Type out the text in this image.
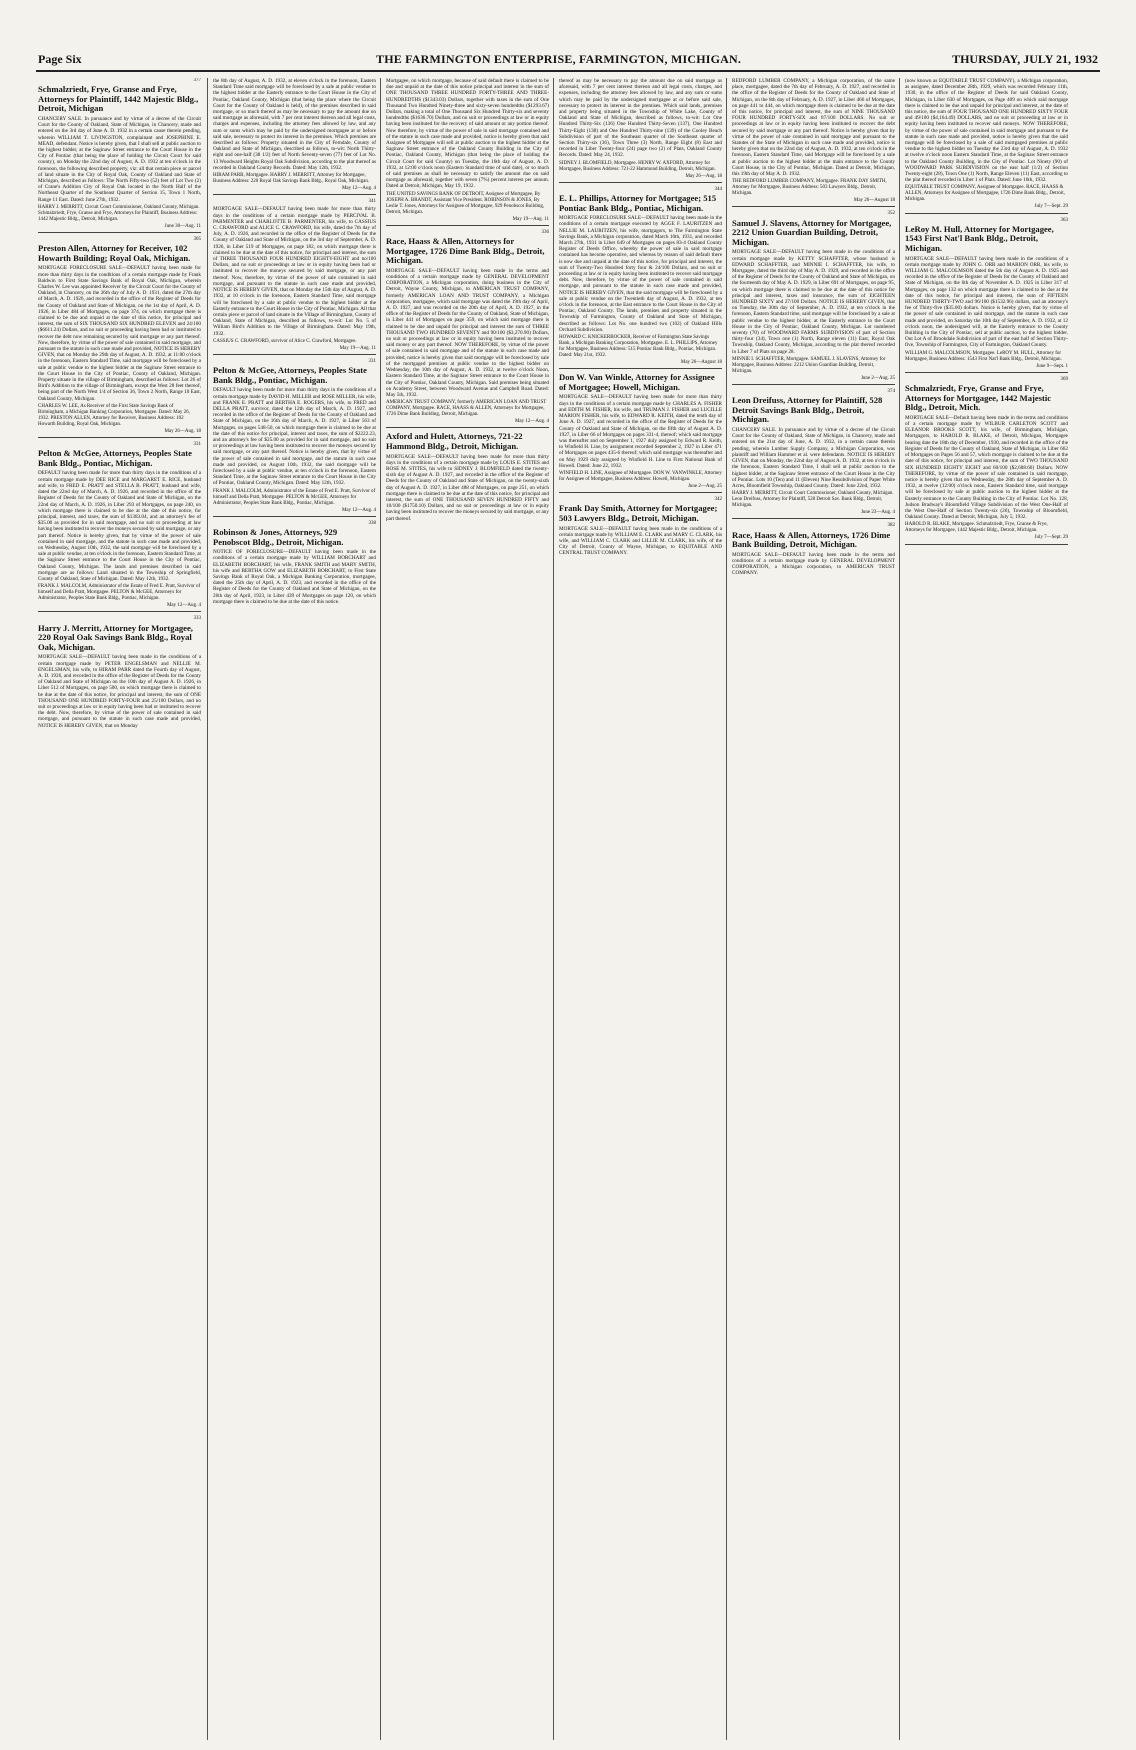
Page Six	THE FARMINGTON ENTERPRISE, FARMINGTON, MICHIGAN.	THURSDAY, JULY 21, 1932
377
Schmalzriedt, Frye, Granse and Frye, Attorneys for Plaintiff, 1442 Majestic Bldg., Detroit, Michigan
CHANCERY SALE. In pursuance and by virtue of a decree of the Circuit Court for the County of Oakland, State of Michigan, in Chancery, made and entered on the 3rd day of June A. D. 1932 in a certain cause therein pending, wherein WILLIAM T. LIVINGSTON, complainant and JOSEPHINE E. MEAD, defendant. Notice is hereby given, that I shall sell at public auction to the highest bidder, at the Saginaw Street entrance to the Court House in the City of Pontiac (that being the place of holding the Circuit Court for said county), on Monday the 22nd day of August, A. D. 1932 at ten o'clock in the forenoon, the following described property, viz: all that certain piece or parcel of land situate in the City of Royal Oak, County of Oakland and State of Michigan, described as follows: The North Fifty-two (52) feet of Lot Two (2) of Crane's Addition City of Royal Oak located in the North Half of the Northeast Quarter of the Southeast Quarter of Section 15, Town 1 North, Range 11 East. Dated: June 27th, 1932.
HARRY J. MERRITT, Circuit Court Commissioner, Oakland County, Michigan. Schmalzriedt, Frye, Granse and Frye, Attorneys for Plaintiff, Business Address: 1442 Majestic Bldg., Detroit, Michigan.
June 30—Aug. 11
305
Preston Allen, Attorney for Receiver, 102 Howarth Building; Royal Oak, Michigan.
MORTGAGE FORECLOSURE SALE—DEFAULT having been made for more than thirty days in the conditions of a certain mortgage made by Frank Baldwin to First State Savings Bank of Royal Oak, Michigan, wherein Charles W. Lee was appointed Receiver by the Circuit Court for the County of Oakland, in Chancery, on the 26th day of July A. D. 1931, dated the 27th day of March, A. D. 1926, and recorded in the office of the Register of Deeds for the County of Oakland and State of Michigan, on the 1st day of April, A. D. 1926, in Liber 484 of Mortgages, on page 374, on which mortgage there is claimed to be due and unpaid at the date of this notice, for principal and interest, the sum of SIX THOUSAND SIX HUNDRED ELEVEN and 24/100 ($6611.24) Dollars, and no suit or proceeding having been had or instituted to recover the debt now remaining secured by said mortgage or any part thereof. Now, therefore, by virtue of the power of sale contained in said mortgage, and pursuant to the statute in such case made and provided, NOTICE IS HEREBY GIVEN, that on Monday the 29th day of August, A. D. 1932, at 11:00 o'clock in the forenoon, Eastern Standard Time, said mortgage will be foreclosed by a sale at public vendue to the highest bidder at the Saginaw Street entrance to the Court House in the City of Pontiac, County of Oakland, Michigan. Property situate in the village of Birmingham, described as follows: Lot 26 of Bird's Addition to the village of Birmingham, except the West 28 feet thereof, being part of the North West 1/4 of Section 36, Town 2 North, Range 10 East, Oakland County, Michigan.
CHARLES W. LEE, As Receiver of the First State Savings Bank of Birmingham, a Michigan Banking Corporation, Mortgagee. Dated: May 26, 1932. PRESTON ALLEN, Attorney for Receiver, Business Address: 102 Howarth Building, Royal Oak, Michigan.
May 26—Aug. 18
331
Pelton & McGee, Attorneys, Peoples State Bank Bldg., Pontiac, Michigan.
DEFAULT having been made for more than thirty days in the conditions of a certain mortgage made by DEE RICE and MARGARET E. RICE, husband and wife, to FRED E. PRATT and STELLA B. PRATT, husband and wife, dated the 22nd day of March, A. D. 1926, and recorded in the office of the Register of Deeds for the County of Oakland and State of Michigan, on the 22nd day of March, A. D. 1926, in Liber 293 of Mortgages, on page 240, on which mortgage there is claimed to be due at the date of this notice, for principal, interest, and taxes, the sum of $1383.04, and an attorney's fee of $35.00 as provided for in said mortgage, and no suit or proceeding at law having been instituted to recover the moneys secured by said mortgage, or any part thereof. Notice is hereby given, that by virtue of the power of sale contained in said mortgage, and the statute in such case made and provided, on Wednesday, August 10th, 1932, the said mortgage will be foreclosed by a sale at public vendue, at ten o'clock in the forenoon, Eastern Standard Time, at the Saginaw Street entrance to the Court House in the City of Pontiac, Oakland County, Michigan. The lands and premises described in said mortgage are as follows: Land situated in the Township of Springfield, County of Oakland, State of Michigan. Dated: May 12th, 1932.
FRANK J. MALCOLM, Administrator of the Estate of Fred E. Pratt, Survivor of himself and Della Pratt, Mortgagee. PELTON & McGEE, Attorneys for Administrator, Peoples State Bank Bldg., Pontiac, Michigan.
May 12—Aug. 4
333
Harry J. Merritt, Attorney for Mortgagee, 220 Royal Oak Savings Bank Bldg., Royal Oak, Michigan.
MORTGAGE SALE—DEFAULT having been made in the conditions of a certain mortgage made by PETER ENGELSMAN and NELLIE M. ENGELSMAN, his wife, to HIRAM PARR dated the Fourth day of August, A. D. 1926, and recorded in the office of the Register of Deeds for the County of Oakland and State of Michigan on the 10th day of August A. D. 1926, in Liber 512 of Mortgages, on page 500, on which mortgage there is claimed to be due at the date of this notice, for principal and interest, the sum of ONE THOUSAND ONE HUNDRED FORTY-FOUR and 25/100 Dollars, and no suit or proceedings at law or in equity having been had or instituted to recover the debt. Now, therefore, by virtue of the power of sale contained in said mortgage, and pursuant to the statute in such case made and provided, NOTICE IS HEREBY GIVEN, that on Monday
the 8th day of August, A. D. 1932, at eleven o'clock in the forenoon, Eastern Standard Time said mortgage will be foreclosed by a sale at public vendue to the highest bidder at the Easterly entrance to the Court House in the City of Pontiac, Oakland County, Michigan (that being the place where the Circuit Court for the County of Oakland is held), of the premises described in said mortgage, or so much thereof as may be necessary to pay the amount due on said mortgage as aforesaid, with 7 per cent interest thereon and all legal costs, charges and expenses, including the attorney fees allowed by law, and any sum or sums which may be paid by the undersigned mortgagee at or before said sale, necessary to protect its interest in the premises. Which premises are described as follows: Property situated in the City of Ferndale, County of Oakland and State of Michigan, described as follows, to-wit: North Thirty-eight and one-half (38 1/2) feet of North Seventy-seven (77) feet of Lot No. 13 Woodward Heights Royal Oak Subdivision, according to the plat thereof as recorded in Oakland County Records. Dated: May 12th, 1932.
HIRAM PARR, Mortgagee. HARRY J. MERRITT, Attorney for Mortgagee, Business Address: 220 Royal Oak Savings Bank Bldg., Royal Oak, Michigan.
May 12—Aug. 4
341
MORTGAGE SALE—DEFAULT having been made for more than thirty days in the conditions of a certain mortgage made by PERCIVAL B. PARMENTER and CHARLOTTE B. PARMENTER, his wife, to CASSIUS C. CRAWFORD and ALICE C. CRAWFORD, his wife, dated the 7th day of July, A. D. 1926, and recorded in the office of the Register of Deeds for the County of Oakland and State of Michigan, on the 3rd day of September, A. D. 1926, in Liber 519 of Mortgages, on page 182, on which mortgage there is claimed to be due at the date of this notice, for principal and interest, the sum of THREE THOUSAND FOUR HUNDRED EIGHTY-EIGHT and no/100 Dollars, and no suit or proceedings at law or in equity having been had or instituted to recover the moneys secured by said mortgage, or any part thereof. Now, therefore, by virtue of the power of sale contained in said mortgage, and pursuant to the statute in such case made and provided, NOTICE IS HEREBY GIVEN, that on Monday the 15th day of August, A. D. 1932, at 10 o'clock in the forenoon, Eastern Standard Time, said mortgage will be foreclosed by a sale at public vendue to the highest bidder at the Easterly entrance to the Court House in the City of Pontiac, Michigan. All that certain piece or parcel of land situate in the Village of Birmingham, County of Oakland, State of Michigan, described as follows, to-wit: Lot No. 5 of William Bird's Addition to the Village of Birmingham. Dated: May 19th, 1932.
CASSIUS C. CRAWFORD, survivor of Alice C. Crawford, Mortgagee.
May 19—Aug. 11
331
Pelton & McGee, Attorneys, Peoples State Bank Bldg., Pontiac, Michigan.
DEFAULT having been made for more than thirty days in the conditions of a certain mortgage made by DAVID H. MILLER and ROSE MILLER, his wife, and FRANK E. PRATT and BERTHA E. ROGERS, his wife, to FRED and DELLA PRATT, survivor, dated the 12th day of March, A. D. 1927, and recorded in the office of the Register of Deeds for the County of Oakland and State of Michigan, on the 16th day of March, A. D. 1927, in Liber 563 of Mortgages, on pages 548-50, on which mortgage there is claimed to be due at the date of this notice for principal, interest and taxes, the sum of $2222.23, and an attorney's fee of $25.00 as provided for in said mortgage, and no suit or proceedings at law having been instituted to recover the moneys secured by said mortgage, or any part thereof. Notice is hereby given, that by virtue of the power of sale contained in said mortgage, and the statute in such case made and provided, on August 10th, 1932, the said mortgage will be foreclosed by a sale at public vendue, at ten o'clock in the forenoon, Eastern Standard Time, at the Saginaw Street entrance to the Court House in the City of Pontiac, Oakland County, Michigan. Dated: May 12th, 1932.
FRANK J. MALCOLM, Administrator of the Estate of Fred E. Pratt, Survivor of himself and Della Pratt, Mortgagee. PELTON & McGEE, Attorneys for Administrator, Peoples State Bank Bldg., Pontiac, Michigan.
May 12—Aug. 4
338
Robinson & Jones, Attorneys, 929 Penobscot Bldg., Detroit, Michigan.
NOTICE OF FORECLOSURE—DEFAULT having been made in the conditions of a certain mortgage made by WILLIAM BORCHART and ELIZABETH BORCHART, his wife, FRANK SMITH and MARY SMITH, his wife and BERTHA GOW and ELIZABETH BORCHART, to First State Savings Bank of Royal Oak, a Michigan Banking Corporation, mortgagee, dated the 25th day of April, A. D. 1923, and recorded in the office of the Register of Deeds for the County of Oakland and State of Michigan, on the 26th day of April, 1923, in Liber 439 of Mortgages on page 120, on which mortgage there is claimed to be due at the date of this notice.
Mortgagee, on which mortgage, because of said default there is claimed to be due and unpaid at the date of this notice principal and interest in the sum of ONE THOUSAND THREE HUNDRED FORTY-THREE AND THREE-HUNDREDTHS ($1343.03) Dollars, together with taxes in the sum of One Thousand Two Hundred Ninety-three and sixty-seven hundredths ($1293.67) Dollars, making a total of One Thousand Six Hundred Thirty-six and seventy hundredths ($1636.70) Dollars, and no suit or proceedings at law or in equity having been instituted for the recovery of said amount or any portion thereof. Now therefore, by virtue of the power of sale in said mortgage contained and of the statute in such case made and provided, notice is hereby given that said Assignee of Mortgagee will sell at public auction to the highest bidder at the Saginaw Street entrance of the Oakland County Building in the City of Pontiac, Oakland County, Michigan (that being the place of holding the Circuit Court for said County) on Tuesday, the 16th day of August, A. D. 1932, at 12:00 o'clock noon (Eastern Standard time of said date), or so much of said premises as shall be necessary to satisfy the amount due on said mortgage as aforesaid, together with seven (7%) percent interest per annum. Dated at Detroit, Michigan, May 19, 1932.
THE UNITED SAVINGS BANK OF DETROIT, Assignee of Mortgagee, By JOSEPH A. BRANDT, Assistant Vice President. ROBINSON & JONES, By Leslie T. Jones, Attorneys for Assignee of Mortgagee, 929 Penobscot Building, Detroit, Michigan.
May 19—Aug. 11
336
Race, Haass & Allen, Attorneys for Mortgagee, 1726 Dime Bank Bldg., Detroit, Michigan.
MORTGAGE SALE—DEFAULT having been made in the terms and conditions of a certain mortgage made by GENERAL DEVELOPMENT CORPORATION, a Michigan corporation, doing business in the City of Detroit, Wayne County, Michigan, to AMERICAN TRUST COMPANY, formerly AMERICAN LOAN AND TRUST COMPANY, a Michigan corporation, mortgagee, which said mortgage was dated the 19th day of April, A. D. 1927, and was recorded on the 20th day of April, A. D. 1927, in the office of the Register of Deeds for the County of Oakland, State of Michigan, in Liber 441 of Mortgages on page 359, on which said mortgage there is claimed to be due and unpaid for principal and interest the sum of THREE THOUSAND TWO HUNDRED SEVENTY and 90/100 ($3,270.90) Dollars, no suit or proceedings at law or in equity having been instituted to recover said money or any part thereof. NOW THEREFORE, by virtue of the power of sale contained in said mortgage and of the statute in such case made and provided, notice is hereby given that said mortgage will be foreclosed by sale of the mortgaged premises at public vendue to the highest bidder on Wednesday, the 10th day of August, A. D. 1932, at twelve o'clock Noon, Eastern Standard Time, at the Saginaw Street entrance to the Court House in the City of Pontiac, Oakland County, Michigan. Said premises being situated on Academy Street, between Woodward Avenue and Campbell Road. Dated: May 5th, 1932.
AMERICAN TRUST COMPANY, formerly AMERICAN LOAN AND TRUST COMPANY, Mortgagee. RACE, HAASS & ALLEN, Attorneys for Mortgagee, 1726 Dime Bank Building, Detroit, Michigan.
May 12—Aug. 4
Axford and Hulett, Attorneys, 721-22 Hammond Bldg., Detroit, Michigan.
MORTGAGE SALE—DEFAULT having been made for more than thirty days in the conditions of a certain mortgage made by LOUIS E. STITES and ROSE M. STITES, his wife to SIDNEY J. BLOMFIELD dated the twenty-sixth day of August A. D. 1927, and recorded in the office of the Register of Deeds for the County of Oakland and State of Michigan, on the twenty-sixth day of August A. D. 1927, in Liber 488 of Mortgages, on page 251, on which mortgage there is claimed to be due at the date of this notice, for principal and interest, the sum of ONE THOUSAND SEVEN HUNDRED FIFTY and 10/100 ($1750.10) Dollars, and no suit or proceedings at law or in equity having been instituted to recover the moneys secured by said mortgage, or any part thereof.
thereof as may be necessary to pay the amount due on said mortgage as aforesaid, with 7 per cent interest thereon and all legal costs, charges, and expenses, including the attorney fees allowed by law, and any sum or sums which may be paid by the undersigned mortgagee at or before said sale, necessary to protect its interest in the premises. Which said lands, premises and property being situated in the Township of White Lake, County of Oakland and State of Michigan, described as follows, to-wit: Lot One Hundred Thirty-Six (136) One Hundred Thirty-Seven (137), One Hundred Thirty-Eight (138) and One Hundred Thirty-nine (139) of the Cooley Beach Subdivision of part of the Southeast quarter of the Southeast quarter of Section Thirty-six (36), Town Three (3) North, Range Eight (8) East and recorded in Liber Twenty-four (24) page two (2) of Plats, Oakland County Records. Dated: May 24, 1932.
SIDNEY J. BLOMFIELD, Mortgagee. HENRY W. AXFORD, Attorney for Mortgagee, Business Address: 721-22 Hammond Building, Detroit, Michigan.
May 26—Aug. 18
344
E. L. Phillips, Attorney for Mortgagee; 515 Pontiac Bank Bldg., Pontiac, Michigan.
MORTGAGE FORECLOSURE SALE—DEFAULT having been made in the conditions of a certain mortgage executed by AGGE F. LAURITZEN and NELLIE M. LAURITZEN, his wife, mortgagors, to The Farmington State Savings Bank, a Michigan corporation, dated March 10th, 1931, and recorded March 27th, 1931 in Liber 649 of Mortgages on pages 83-4 Oakland County Register of Deeds Office, whereby the power of sale in said mortgage contained has become operative, and whereas by reason of said default there is now due and unpaid at the date of this notice, for principal and interest, the sum of Twenty-Two Hundred forty four & 24/100 Dollars, and no suit or proceeding at law or in equity having been instituted to recover said mortgage debt. Now, therefore, by virtue of the power of sale contained in said mortgage, and pursuant to the statute in such case made and provided, NOTICE IS HEREBY GIVEN, that the said mortgage will be foreclosed by a sale at public vendue on the Twentieth day of August, A. D. 1932, at ten o'clock in the forenoon, at the East entrance to the Court House in the City of Pontiac, Oakland County. The lands, premises and property situated in the Township of Farmington, County of Oakland and State of Michigan, described as follows: Lot No. one hundred two (102) of Oakland Hills Orchard Subdivision.
HOWARD C. KNICKERBOCKER, Receiver of Farmington State Savings Bank, a Michigan Banking Corporation, Mortgagee. E. L. PHILLIPS, Attorney for Mortgagee, Business Address: 515 Pontiac Bank Bldg., Pontiac, Michigan. Dated: May 21st, 1932.
May 26—August 18
Don W. Van Winkle, Attorney for Assignee of Mortgagee; Howell, Michigan.
MORTGAGE SALE—DEFAULT having been made for more than thirty days in the conditions of a certain mortgage made by CHARLES A. FISHER and EDITH M. FISHER, his wife, and TRUMAN J. FISHER and LUCILLE MARION FISHER, his wife, to EDWARD R. KEITH, dated the tenth day of June A. D. 1927, and recorded in the office of the Register of Deeds for the County of Oakland and State of Michigan, on the fifth day of August A. D. 1927, in Liber 66 of Mortgages on pages 331-4, thereof; which said mortgage was thereafter and on September 1, 1927 duly assigned by Edward R. Keith, to Winfield H. Line, by assignment recorded September 2, 1927 in Liber 471 of Mortgages on pages 435-6 thereof; which said mortgage was thereafter and on May 1929 duly assigned by Winfield H. Line to First National Bank of Howell. Dated: June 22, 1932.
WINFIELD H. LINE, Assignee of Mortgagee. DON W. VANWINKLE, Attorney for Assignee of Mortgagee, Business Address: Howell, Michigan.
June 2—Aug. 25
342
Frank Day Smith, Attorney for Mortgagee; 503 Lawyers Bldg., Detroit, Michigan.
MORTGAGE SALE—DEFAULT having been made in the conditions of a certain mortgage made by WILLIAM E. CLARK and MARY C. CLARK, his wife, and WILLIAM C. CLARK and LILLIE M. CLARK, his wife, of the City of Detroit, County of Wayne, Michigan, to EQUITABLE AND CENTRAL TRUST COMPANY.
REDFORD LUMBER COMPANY, a Michigan corporation, of the same place, mortgagee, dated the 7th day of February, A. D. 1927, and recorded in the office of the Register of Deeds for the County of Oakland and State of Michigan, on the 8th day of February, A. D. 1927, in Liber 466 of Mortgages, on page 441 to 444, on which mortgage there is claimed to be due at the date of this notice, for principal and interest, the sum of NINE THOUSAND FOUR HUNDRED FORTY-SIX and 87/100 DOLLARS. No suit or proceedings at law or in equity having been instituted to recover the debt secured by said mortgage or any part thereof. Notice is hereby given that by virtue of the power of sale contained in said mortgage and pursuant to the Statutes of the State of Michigan in such case made and provided, notice is hereby given that on the 22nd day of August, A. D. 1932, at ten o'clock in the forenoon, Eastern Standard Time, said Mortgage will be foreclosed by a sale at public auction to the highest bidder at the main entrance to the County Court House, in the City of Pontiac, Michigan. Dated at Detroit, Michigan, this 19th day of May A. D. 1932.
THE REDFORD LUMBER COMPANY, Mortgagee. FRANK DAY SMITH, Attorney for Mortgagee, Business Address: 503 Lawyers Bldg., Detroit, Michigan.
May 26—August 18
352
Samuel J. Slavens, Attorney for Mortgagee, 2212 Union Guardian Building, Detroit, Michigan.
MORTGAGE SALE—DEFAULT having been made in the conditions of a certain mortgage made by KETTY SCHAFFTER, whose husband is EDWARD SCHAFFTER, and MINNIE I. SCHAFFTER, his wife, to Mortgagee, dated the third day of May A. D. 1929, and recorded in the office of the Register of Deeds for the County of Oakland and State of Michigan, on the fourteenth day of May A. D. 1929, in Liber 691 of Mortgages, on page 95, on which mortgage there is claimed to be due at the date of this notice for principal and interest, taxes and insurance, the sum of EIGHTEEN HUNDRED SIXTY and 27/100 Dollars. NOTICE IS HEREBY GIVEN, that on Tuesday, the 30th day of September, A. D. 1932, at ten o'clock in the forenoon, Eastern Standard time, said mortgage will be foreclosed by a sale at public vendue to the highest bidder, at the Easterly entrance to the Court House in the City of Pontiac, Oakland County, Michigan. Lot numbered seventy (70) of WOODWARD FARMS SUBDIVISION of part of Section thirty-four (34), Town one (1) North, Range eleven (11) East, Royal Oak Township, Oakland County, Michigan, according to the plat thereof recorded in Liber 7 of Plats on page 28.
MINNIE I. SCHAFFTER, Mortgagee. SAMUEL J. SLAVENS, Attorney for Mortgagee, Business Address: 2212 Union Guardian Building, Detroit, Michigan.
June 2—Aug. 25
374
Leon Dreifuss, Attorney for Plaintiff, 528 Detroit Savings Bank Bldg., Detroit, Michigan.
CHANCERY SALE. In pursuance and by virtue of a decree of the Circuit Court for the County of Oakland, State of Michigan, in Chancery, made and entered on the 21st day of June, A. D. 1932, in a certain cause therein pending, wherein Lumber Supply Company, a Michigan Corporation, was plaintiff and William Hammer et al. were defendants. NOTICE IS HEREBY GIVEN, that on Monday, the 22nd day of August A. D. 1932, at ten o'clock in the forenoon, Eastern Standard Time, I shall sell at public auction to the highest bidder, at the Saginaw Street entrance of the Court House in the City of Pontiac. Lots 10 (Ten) and 11 (Eleven) Nine Resubdivision of Paper White Acres, Bloomfield Township, Oakland County. Dated: June 22nd, 1932.
HARRY J. MERRITT, Circuit Court Commissioner, Oakland County, Michigan. Leon Dreifuss, Attorney for Plaintiff, 528 Detroit Sav. Bank Bldg., Detroit, Michigan.
June 23—Aug. 4
382
Race, Haass & Allen, Attorneys, 1726 Dime Bank Building, Detroit, Michigan.
MORTGAGE SALE—DEFAULT having been made in the terms and conditions of a certain mortgage made by GENERAL DEVELOPMENT CORPORATION, a Michigan corporation, to AMERICAN TRUST COMPANY.
(now known as EQUITABLE TRUST COMPANY), a Michigan corporation, as assignee, dated December 28th, 1929, which was recorded February 11th, 1930, in the office of the Register of Deeds for said Oakland County, Michigan, in Liber 630 of Mortgages, on Page 409 on which said mortgage there is claimed to be due and unpaid for principal and interest, at the date of this notice, the sum of FOUR THOUSAND ONE HUNDRED SIXTY FOUR and 49/100 ($4,164.49) DOLLARS, and no suit or proceeding at law or in equity having been instituted to recover said moneys. NOW THEREFORE, by virtue of the power of sale contained in said mortgage and pursuant to the statute in such case made and provided, notice is hereby given that the said mortgage will be foreclosed by a sale of said mortgaged premises at public vendue to the highest bidder on Tuesday the 23rd day of August, A. D. 1932 at twelve o'clock noon Eastern Standard Time, at the Saginaw Street entrance to the Oakland County Building, in the City of Pontiac. Lot Ninety (90) of WOODWARD PARK SUBDIVISION on the east half (1/2) of Section Twenty-eight (28), Town One (1) North, Range Eleven (11) East, according to the plat thereof recorded in Liber 1 of Plats. Dated: June 16th, 1932.
EQUITABLE TRUST COMPANY, Assignee of Mortgagee. RACE, HAASS & ALLEN, Attorneys for Assignee of Mortgagee, 1726 Dime Bank Bldg., Detroit, Michigan.
July 7—Sept. 29
363
LeRoy M. Hull, Attorney for Mortgagee, 1543 First Nat'l Bank Bldg., Detroit, Michigan.
MORTGAGE SALE—DEFAULT having been made in the conditions of a certain mortgage made by JOHN G. ORR and MARION ORR, his wife, to WILLIAM G. MALCOLMSON dated the 5th day of August A. D. 1925 and recorded in the office of the Register of Deeds for the County of Oakland and State of Michigan, on the 6th day of November A. D. 1925 in Liber 317 of Mortgages, on page 132 on which mortgage there is claimed to be due at the date of this notice, for principal and interest, the sum of FIFTEEN HUNDRED THIRTY-TWO and 96/100 ($1532.96) dollars, and an attorney's fee of Thirty-five ($35.00) dollars. Notice is hereby given, that by virtue of the power of sale contained in said mortgage, and the statute in such case made and provided, on Saturday the 10th day of September, A. D. 1932, at 12 o'clock noon, the undersigned will, at the Easterly entrance to the County Building in the City of Pontiac, sell at public auction, to the highest bidder. Out Lot A of Brookdale Subdivision of part of the east half of Section Thirty-five, Township of Farmington, City of Farmington, Oakland County.
WILLIAM G. MALCOLMSON, Mortgagee. LeROY M. HULL, Attorney for Mortgagee, Business Address: 1543 First Nat'l Bank Bldg., Detroit, Michigan.
June 9—Sept. 1
369
Schmalzriedt, Frye, Granse and Frye, Attorneys for Mortgagee, 1442 Majestic Bldg., Detroit, Mich.
MORTGAGE SALE—Default having been made in the terms and conditions of a certain mortgage made by WILBUR CARLETON SCOTT and ELEANOR BROOKS SCOTT, his wife, of Birmingham, Michigan, Mortgagors, to HAROLD R. BLAKE, of Detroit, Michigan, Mortgagee bearing date the 18th day of December, 1930, and recorded in the office of the Register of Deeds for the County of Oakland, State of Michigan, in Liber 662 of Mortgages on Pages 56 and 57, which mortgage is claimed to be due at the date of this notice, for principal and interest, the sum of TWO THOUSAND SIX HUNDRED EIGHTY EIGHT and 60/100 ($2,688.60) Dollars. NOW THEREFORE, by virtue of the power of sale contained in said mortgage, notice is hereby given that on Wednesday, the 28th day of September A. D. 1932, at twelve (12:00) o'clock noon, Eastern Standard time, said mortgage will be foreclosed by sale at public auction to the highest bidder at the Easterly entrance to the County Building in the City of Pontiac. Lot No. 128, Judson Bradway's Bloomfield Village Subdivision of the West One-Half of the West One-Half of Section Twenty-six (26), Township of Bloomfield, Oakland County. Dated at Detroit, Michigan, July 5, 1932.
HAROLD R. BLAKE, Mortgagee. Schmalzriedt, Frye, Granse & Frye, Attorneys for Mortgagee, 1442 Majestic Bldg., Detroit, Michigan.
July 7—Sept. 29
